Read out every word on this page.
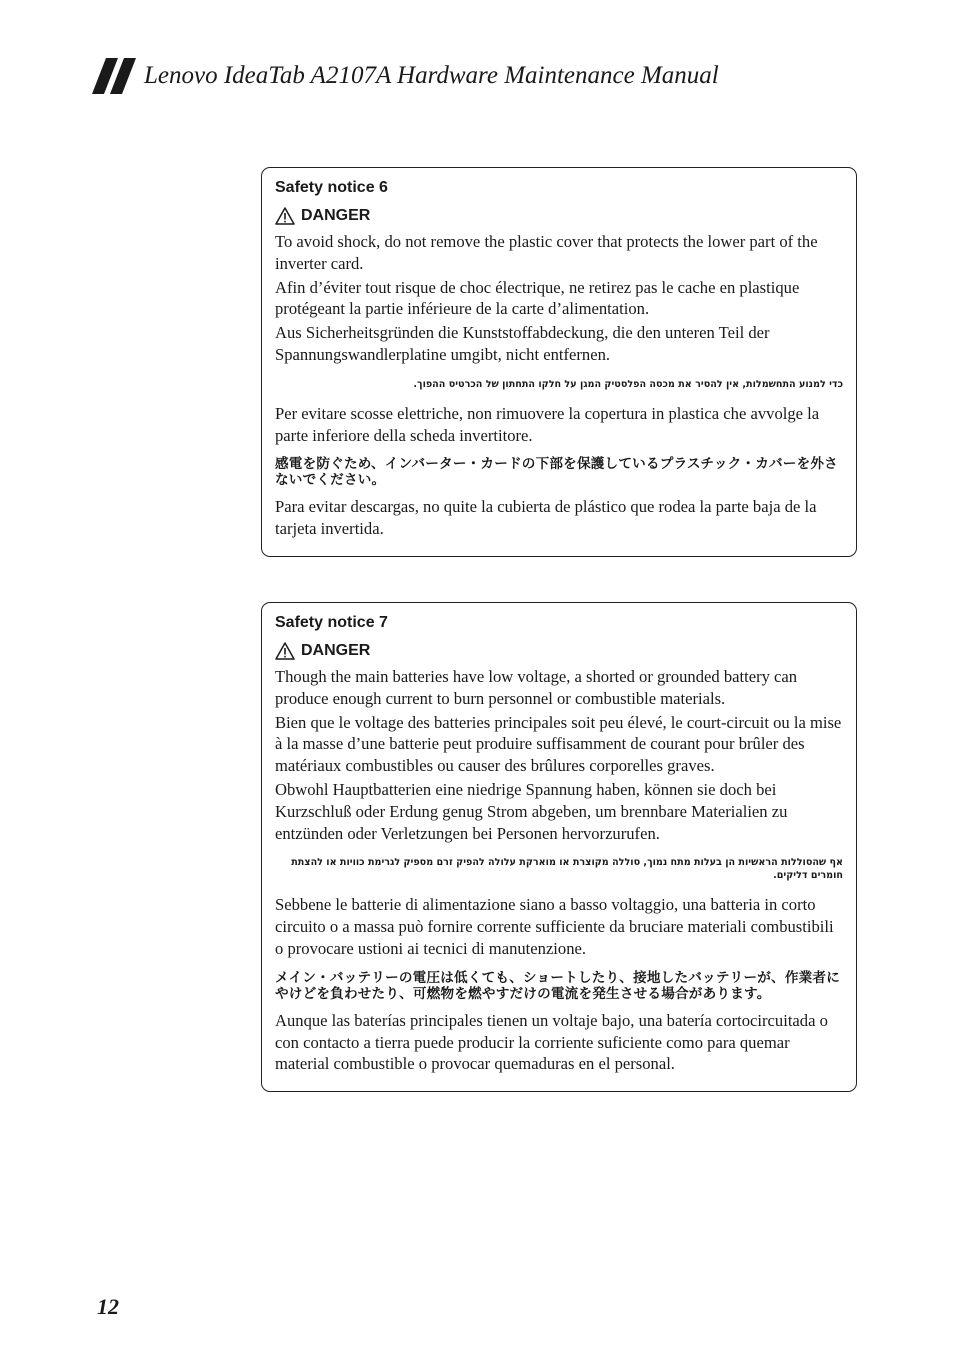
Lenovo IdeaTab A2107A Hardware Maintenance Manual
Safety notice 6
DANGER

To avoid shock, do not remove the plastic cover that protects the lower part of the inverter card.

Afin d’éviter tout risque de choc électrique, ne retirez pas le cache en plastique protégeant la partie inférieure de la carte d’alimentation.

Aus Sicherheitsgründen die Kunststoffabdeckung, die den unteren Teil der Spannungswandlerplatine umgibt, nicht entfernen.

כדי למנוע התחשמלות, אין להסיר את מכסה הפלסטיק המגן על חלקו התחתון של הכרטיס ההפוך.

Per evitare scosse elettriche, non rimuovere la copertura in plastica che avvolge la parte inferiore della scheda invertitore.

感電を防ぐため、インバーター・カードの下部を保護しているプラスチック・カバーを外さないでください。

Para evitar descargas, no quite la cubierta de plástico que rodea la parte baja de la tarjeta invertida.

Safety notice 7
DANGER

Though the main batteries have low voltage, a shorted or grounded battery can produce enough current to burn personnel or combustible materials.

Bien que le voltage des batteries principales soit peu élevé, le court-circuit ou la mise à la masse d’une batterie peut produire suffisamment de courant pour brûler des matériaux combustibles ou causer des brûlures corporelles graves.

Obwohl Hauptbatterien eine niedrige Spannung haben, können sie doch bei Kurzschluß oder Erdung genug Strom abgeben, um brennbare Materialien zu entzünden oder Verletzungen bei Personen hervorzurufen.

אף שהסוללות הראשיות הן בעלות מתח נמוך, סוללה מקוצרת או מוארקת עלולה להפיק זרם מספיק לגרימת כוויות או להצתת חומרים דליקים.

Sebbene le batterie di alimentazione siano a basso voltaggio, una batteria in corto circuito o a massa può fornire corrente sufficiente da bruciare materiali combustibili o provocare ustioni ai tecnici di manutenzione.

メイン・バッテリーの電圧は低くても、ショートしたり、接地したバッテリーが、作業者にやけどを負わせたり、可燃物を燃やすだけの電流を発生させる場合があります。

Aunque las baterías principales tienen un voltaje bajo, una batería cortocircuitada o con contacto a tierra puede producir la corriente suficiente como para quemar material combustible o provocar quemaduras en el personal.

12
